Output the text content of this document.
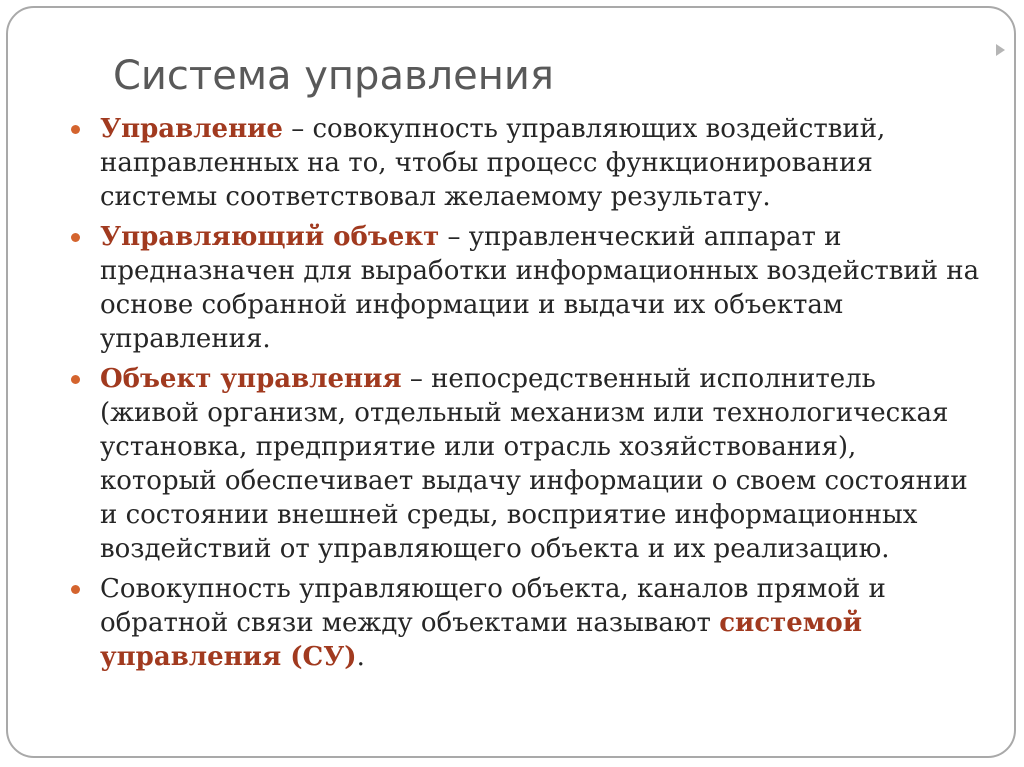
Система управления
Управление – совокупность управляющих воздействий, направленных на то, чтобы процесс функционирования системы соответствовал желаемому результату.
Управляющий объект – управленческий аппарат и предназначен для выработки информационных воздействий на основе собранной информации и выдачи их объектам управления.
Объект управления – непосредственный исполнитель (живой организм, отдельный механизм или технологическая установка, предприятие или отрасль хозяйствования), который обеспечивает выдачу информации о своем состоянии и состоянии внешней среды, восприятие информационных воздействий от управляющего объекта и их реализацию.
Совокупность управляющего объекта, каналов прямой и обратной связи между объектами называют системой управления (СУ).
